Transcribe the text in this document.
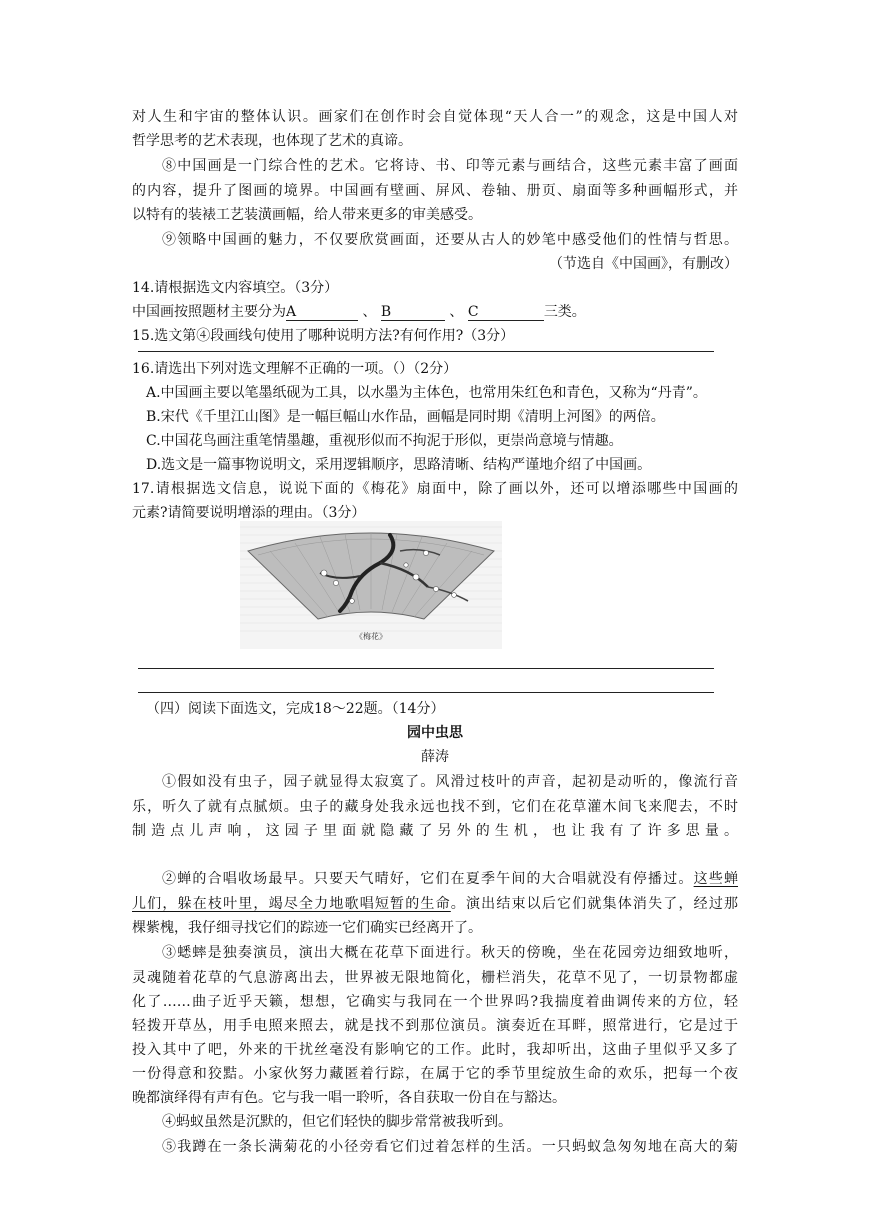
对人生和宇宙的整体认识。画家们在创作时会自觉体现“天人合一”的观念，这是中国人对
哲学思考的艺术表现，也体现了艺术的真谛。
⑧中国画是一门综合性的艺术。它将诗、书、印等元素与画结合，这些元素丰富了画面
的内容，提升了图画的境界。中国画有壁画、屏风、卷轴、册页、扇面等多种画幅形式，并
以特有的装裱工艺装潢画幅，给人带来更多的审美感受。
⑨领略中国画的魅力，不仅要欣赏画面，还要从古人的妙笔中感受他们的性情与哲思。
（节选自《中国画》，有删改）
14.请根据选文内容填空。（3分）
中国画按照题材主要分为A	、 B	、 C	三类。
15.选文第④段画线句使用了哪种说明方法?有何作用?（3分）
16.请选出下列对选文理解不正确的一项。（）（2分）
A.中国画主要以笔墨纸砚为工具，以水墨为主体色，也常用朱红色和青色，又称为“丹青”。
B.宋代《千里江山图》是一幅巨幅山水作品，画幅是同时期《清明上河图》的两倍。
C.中国花鸟画注重笔情墨趣，重视形似而不拘泥于形似，更崇尚意境与情趣。
D.选文是一篇事物说明文，采用逻辑顺序，思路清晰、结构严谨地介绍了中国画。
17.请根据选文信息，说说下面的《梅花》扇面中，除了画以外，还可以增添哪些中国画的
元素?请简要说明增添的理由。（3分）
《梅花》
（四）阅读下面选文，完成18～22题。（14分）
园中虫思
薛涛
①假如没有虫子，园子就显得太寂寞了。风滑过枝叶的声音，起初是动听的，像流行音
乐，听久了就有点腻烦。虫子的藏身处我永远也找不到，它们在花草灌木间飞来爬去，不时
制造点儿声响，这园子里面就隐藏了另外的生机，也让我有了许多思量。
②蝉的合唱收场最早。只要天气晴好，它们在夏季午间的大合唱就没有停播过。这些蝉
儿们，躲在枝叶里，竭尽全力地歌唱短暂的生命。演出结束以后它们就集体消失了，经过那
棵紫槐，我仔细寻找它们的踪迹一它们确实已经离开了。
③蟋蟀是独奏演员，演出大概在花草下面进行。秋天的傍晚，坐在花园旁边细致地听，
灵魂随着花草的气息游离出去，世界被无限地简化，栅栏消失，花草不见了，一切景物都虚
化了……曲子近乎天籁，想想，它确实与我同在一个世界吗?我揣度着曲调传来的方位，轻
轻拨开草丛，用手电照来照去，就是找不到那位演员。演奏近在耳畔，照常进行，它是过于
投入其中了吧，外来的干扰丝毫没有影响它的工作。此时，我却听出，这曲子里似乎又多了
一份得意和狡黠。小家伙努力藏匿着行踪，在属于它的季节里绽放生命的欢乐，把每一个夜
晚都演绎得有声有色。它与我一唱一聆听，各自获取一份自在与豁达。
④蚂蚁虽然是沉默的，但它们轻快的脚步常常被我听到。
⑤我蹲在一条长满菊花的小径旁看它们过着怎样的生活。一只蚂蚁急匆匆地在高大的菊
